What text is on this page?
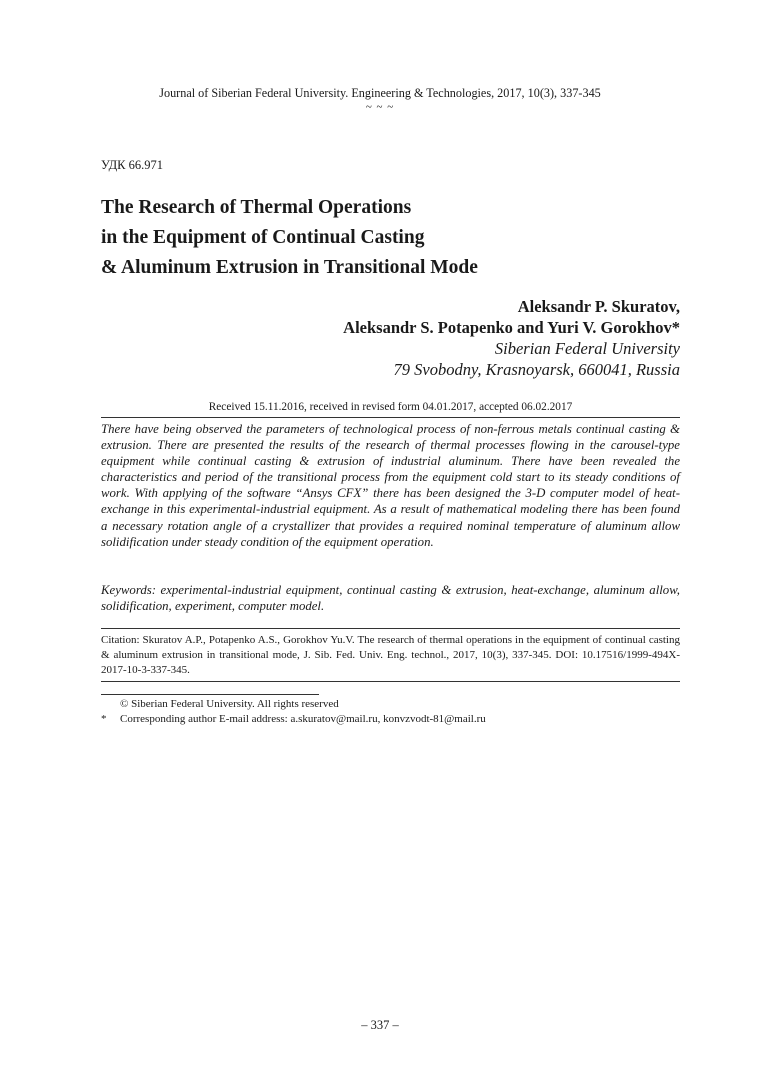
Journal of Siberian Federal University. Engineering & Technologies, 2017, 10(3), 337-345
~ ~ ~
УДК 66.971
The Research of Thermal Operations
in the Equipment of Continual Casting
& Aluminum Extrusion in Transitional Mode
Aleksandr P. Skuratov,
Aleksandr S. Potapenko and Yuri V. Gorokhov*
Siberian Federal University
79 Svobodny, Krasnoyarsk, 660041, Russia
Received 15.11.2016, received in revised form 04.01.2017, accepted 06.02.2017

There have being observed the parameters of technological process of non-ferrous metals continual casting & extrusion. There are presented the results of the research of thermal processes flowing in the carousel-type equipment while continual casting & extrusion of industrial aluminum. There have been revealed the characteristics and period of the transitional process from the equipment cold start to its steady conditions of work. With applying of the software “Ansys CFX” there has been designed the 3-D computer model of heat-exchange in this experimental-industrial equipment. As a result of mathematical modeling there has been found a necessary rotation angle of a crystallizer that provides a required nominal temperature of aluminum allow solidification under steady condition of the equipment operation.

Keywords: experimental-industrial equipment, continual casting & extrusion, heat-exchange, aluminum allow, solidification, experiment, computer model.

Citation: Skuratov A.P., Potapenko A.S., Gorokhov Yu.V. The research of thermal operations in the equipment of continual casting & aluminum extrusion in transitional mode, J. Sib. Fed. Univ. Eng. technol., 2017, 10(3), 337-345. DOI: 10.17516/1999-494X-2017-10-3-337-345.

© Siberian Federal University. All rights reserved
* Corresponding author E-mail address: a.skuratov@mail.ru, konvzvodt-81@mail.ru
– 337 –
